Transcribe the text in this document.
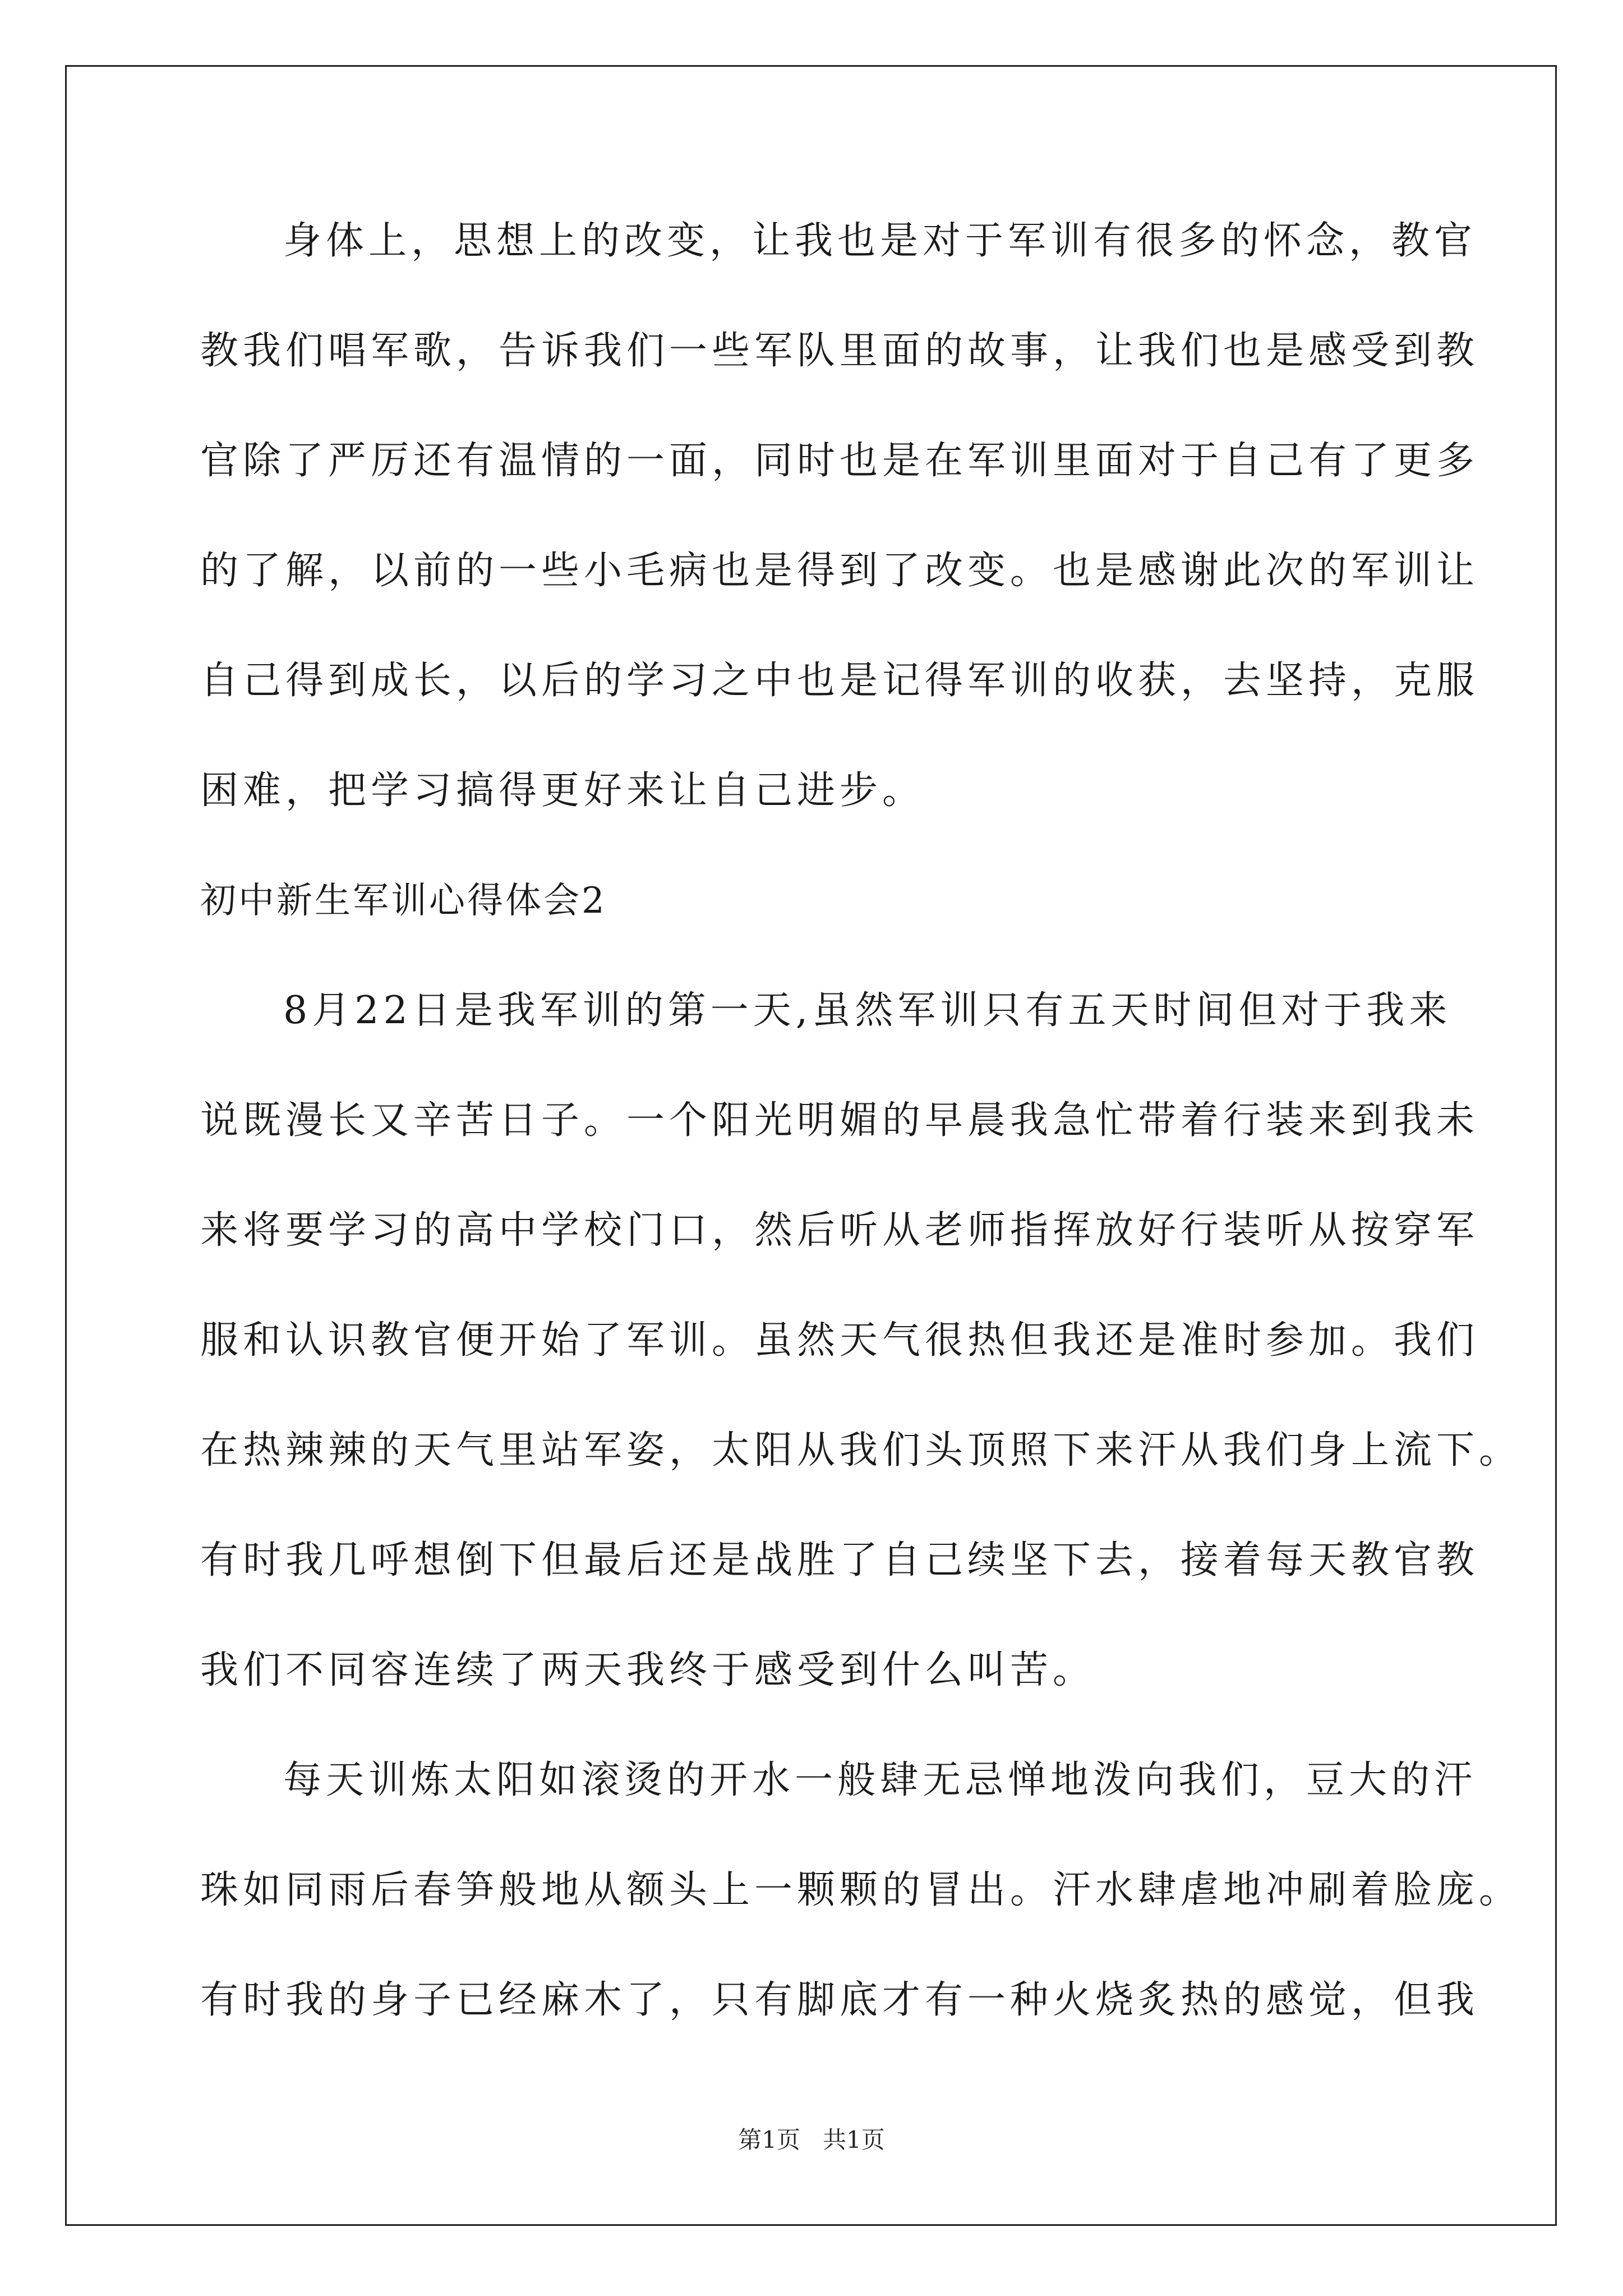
身体上，思想上的改变，让我也是对于军训有很多的怀念，教官
教我们唱军歌，告诉我们一些军队里面的故事，让我们也是感受到教
官除了严厉还有温情的一面，同时也是在军训里面对于自己有了更多
的了解，以前的一些小毛病也是得到了改变。也是感谢此次的军训让
自己得到成长，以后的学习之中也是记得军训的收获，去坚持，克服
困难，把学习搞得更好来让自己进步。
初中新生军训心得体会2
8月22日是我军训的第一天,虽然军训只有五天时间但对于我来
说既漫长又辛苦日子。一个阳光明媚的早晨我急忙带着行装来到我未
来将要学习的高中学校门口，然后听从老师指挥放好行装听从按穿军
服和认识教官便开始了军训。虽然天气很热但我还是准时参加。我们
在热辣辣的天气里站军姿，太阳从我们头顶照下来汗从我们身上流下。
有时我几呼想倒下但最后还是战胜了自己续坚下去，接着每天教官教
我们不同容连续了两天我终于感受到什么叫苦。
每天训炼太阳如滚烫的开水一般肆无忌惮地泼向我们，豆大的汗
珠如同雨后春笋般地从额头上一颗颗的冒出。汗水肆虐地冲刷着脸庞。
有时我的身子已经麻木了，只有脚底才有一种火烧炙热的感觉，但我
第1页   共1页
